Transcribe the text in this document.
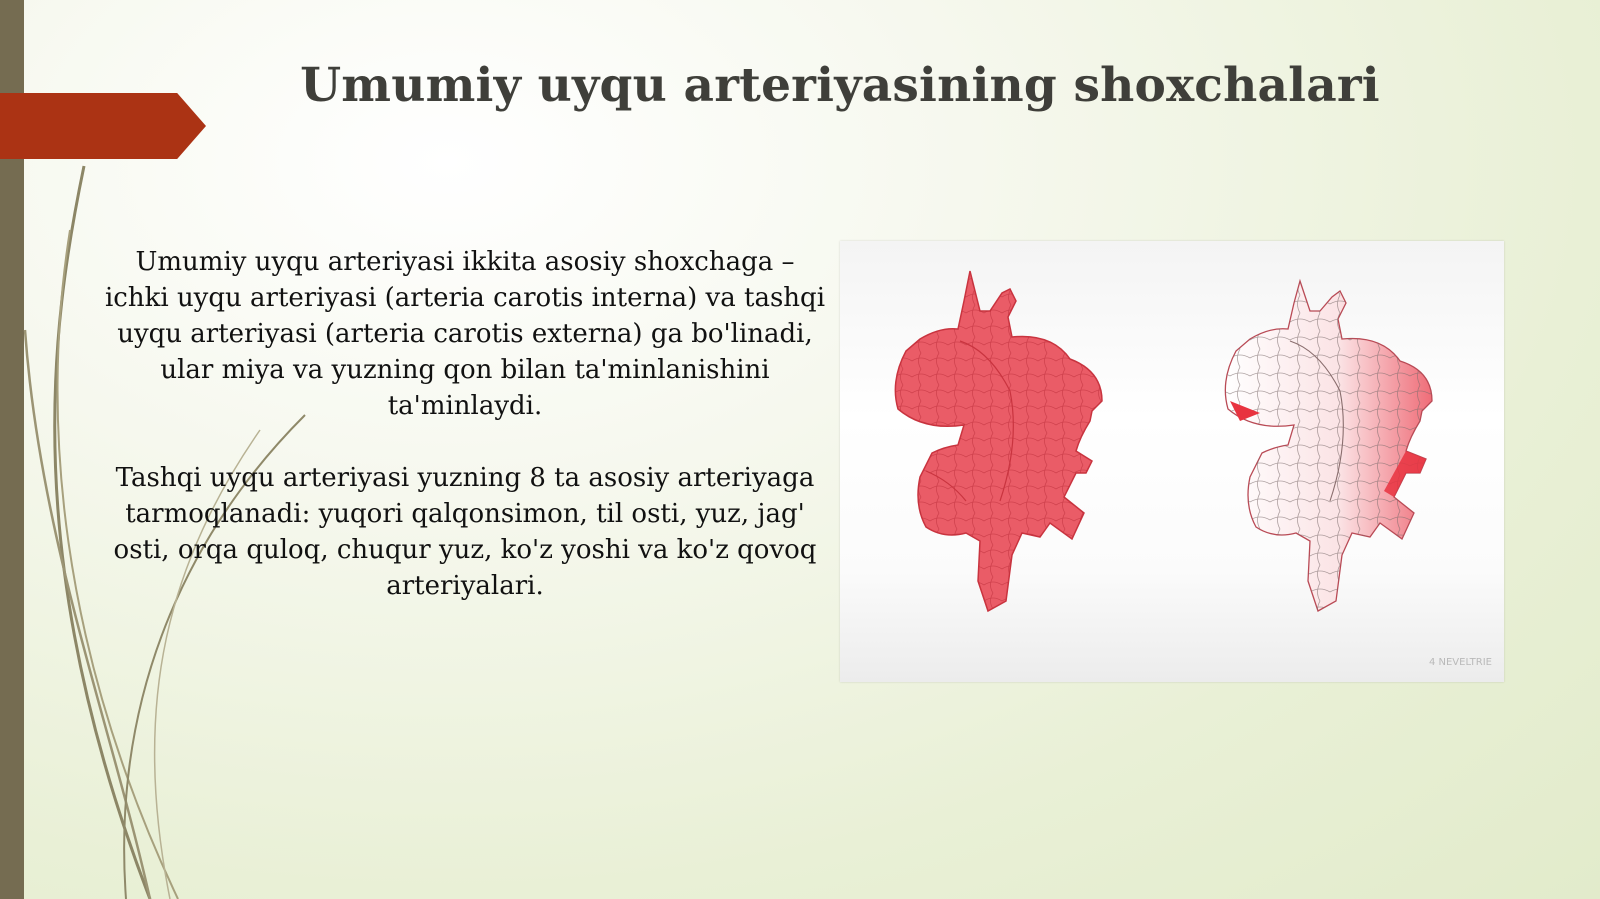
Umumiy uyqu arteriyasining shoxchalari

Umumiy uyqu arteriyasi ikkita asosiy shoxchaga – ichki uyqu arteriyasi (arteria carotis interna) va tashqi uyqu arteriyasi (arteria carotis externa) ga bo'linadi, ular miya va yuzning qon bilan ta'minlanishini ta'minlaydi.

Tashqi uyqu arteriyasi yuzning 8 ta asosiy arteriyaga tarmoqlanadi: yuqori qalqonsimon, til osti, yuz, jag' osti, orqa quloq, chuqur yuz, ko'z yoshi va ko'z qovoq arteriyalari.

4 NEVELTRIE
